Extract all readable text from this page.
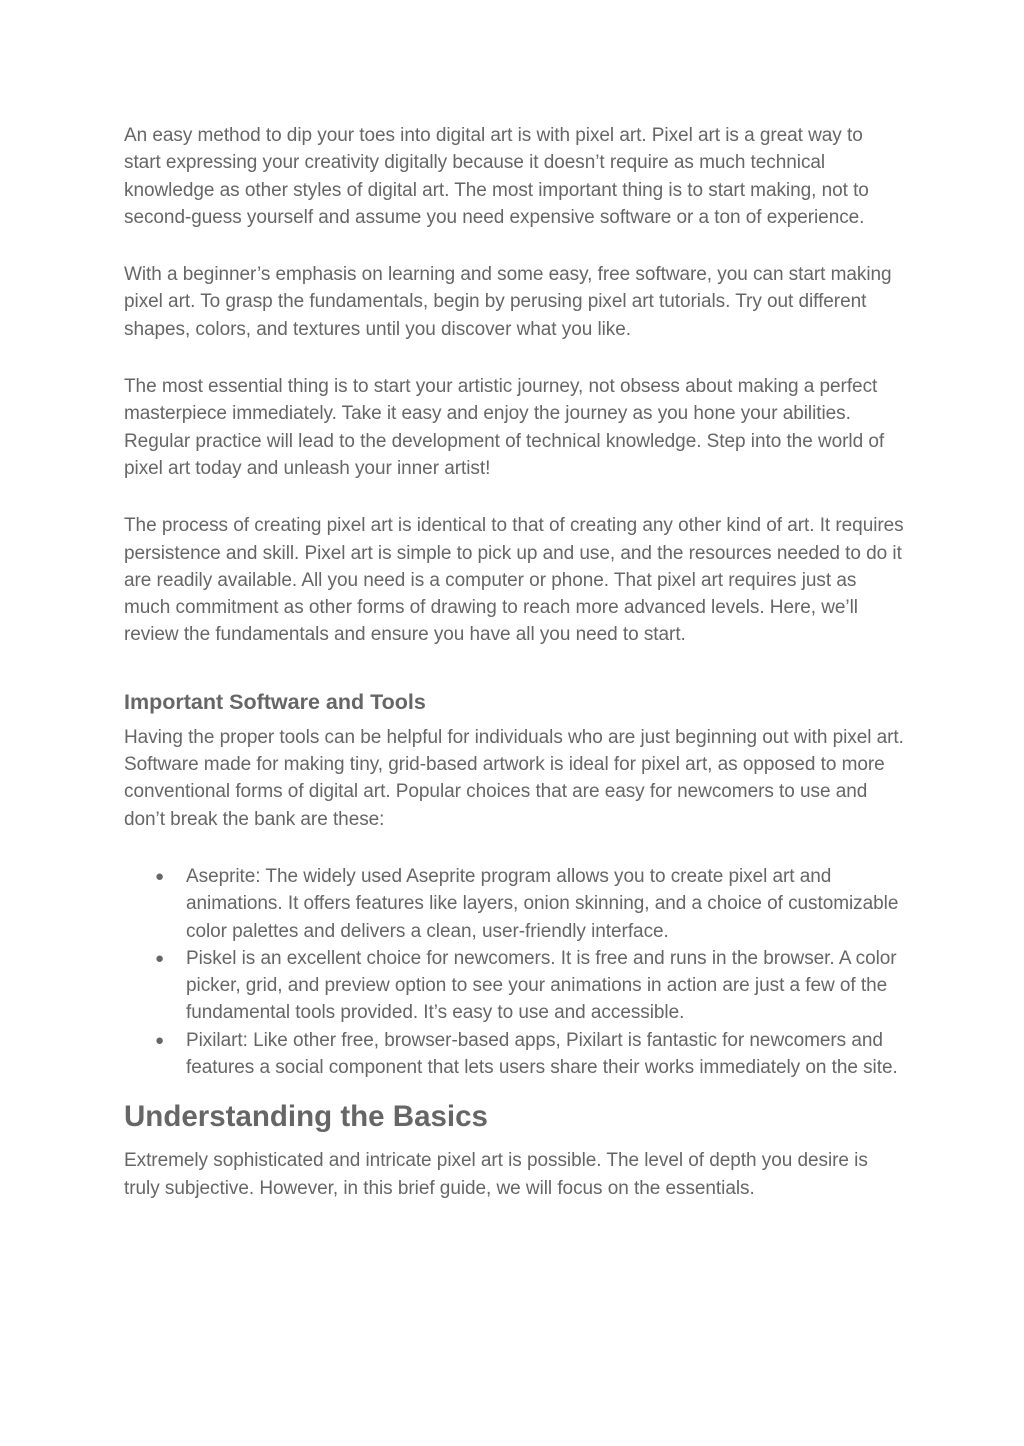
An easy method to dip your toes into digital art is with pixel art. Pixel art is a great way to start expressing your creativity digitally because it doesn’t require as much technical knowledge as other styles of digital art. The most important thing is to start making, not to second-guess yourself and assume you need expensive software or a ton of experience.

With a beginner’s emphasis on learning and some easy, free software, you can start making pixel art. To grasp the fundamentals, begin by perusing pixel art tutorials. Try out different shapes, colors, and textures until you discover what you like.

The most essential thing is to start your artistic journey, not obsess about making a perfect masterpiece immediately. Take it easy and enjoy the journey as you hone your abilities. Regular practice will lead to the development of technical knowledge. Step into the world of pixel art today and unleash your inner artist!

The process of creating pixel art is identical to that of creating any other kind of art. It requires persistence and skill. Pixel art is simple to pick up and use, and the resources needed to do it are readily available. All you need is a computer or phone. That pixel art requires just as much commitment as other forms of drawing to reach more advanced levels. Here, we’ll review the fundamentals and ensure you have all you need to start.

Important Software and Tools

Having the proper tools can be helpful for individuals who are just beginning out with pixel art. Software made for making tiny, grid-based artwork is ideal for pixel art, as opposed to more conventional forms of digital art. Popular choices that are easy for newcomers to use and don’t break the bank are these:

● Aseprite: The widely used Aseprite program allows you to create pixel art and animations. It offers features like layers, onion skinning, and a choice of customizable color palettes and delivers a clean, user-friendly interface.
● Piskel is an excellent choice for newcomers. It is free and runs in the browser. A color picker, grid, and preview option to see your animations in action are just a few of the fundamental tools provided. It’s easy to use and accessible.
● Pixilart: Like other free, browser-based apps, Pixilart is fantastic for newcomers and features a social component that lets users share their works immediately on the site.
Understanding the Basics

Extremely sophisticated and intricate pixel art is possible. The level of depth you desire is truly subjective. However, in this brief guide, we will focus on the essentials.
